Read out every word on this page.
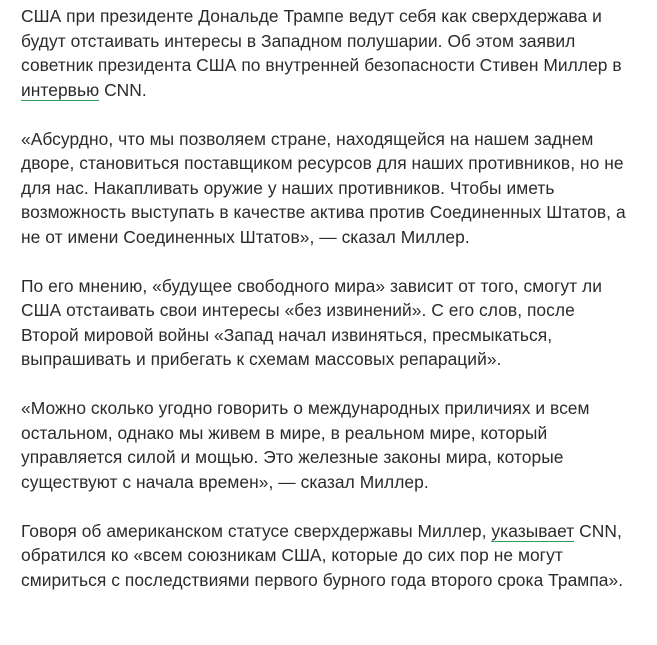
США при президенте Дональде Трампе ведут себя как сверхдержава и будут отстаивать интересы в Западном полушарии. Об этом заявил советник президента США по внутренней безопасности Стивен Миллер в интервью CNN.

«Абсурдно, что мы позволяем стране, находящейся на нашем заднем дворе, становиться поставщиком ресурсов для наших противников, но не для нас. Накапливать оружие у наших противников. Чтобы иметь возможность выступать в качестве актива против Соединенных Штатов, а не от имени Соединенных Штатов», — сказал Миллер.

По его мнению, «будущее свободного мира» зависит от того, смогут ли США отстаивать свои интересы «без извинений». С его слов, после Второй мировой войны «Запад начал извиняться, пресмыкаться, выпрашивать и прибегать к схемам массовых репараций».

«Можно сколько угодно говорить о международных приличиях и всем остальном, однако мы живем в мире, в реальном мире, который управляется силой и мощью. Это железные законы мира, которые существуют с начала времен», — сказал Миллер.

Говоря об американском статусе сверхдержавы Миллер, указывает CNN, обратился ко «всем союзникам США, которые до сих пор не могут смириться с последствиями первого бурного года второго срока Трампа».
